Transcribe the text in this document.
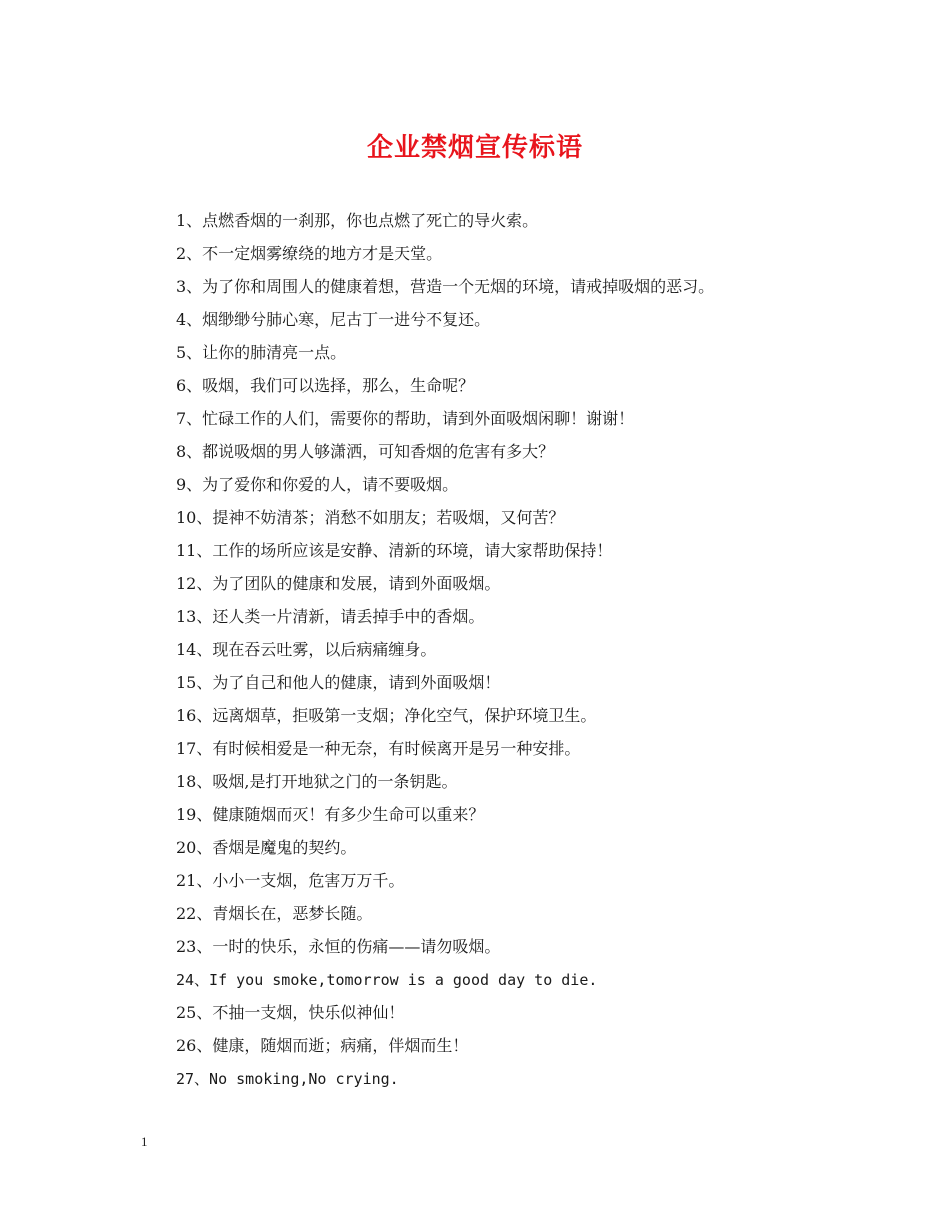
企业禁烟宣传标语
1、点燃香烟的一刹那，你也点燃了死亡的导火索。
2、不一定烟雾缭绕的地方才是天堂。
3、为了你和周围人的健康着想，营造一个无烟的环境，请戒掉吸烟的恶习。
4、烟缈缈兮肺心寒，尼古丁一进兮不复还。
5、让你的肺清亮一点。
6、吸烟，我们可以选择，那么，生命呢？
7、忙碌工作的人们，需要你的帮助，请到外面吸烟闲聊！谢谢！
8、都说吸烟的男人够潇洒，可知香烟的危害有多大？
9、为了爱你和你爱的人，请不要吸烟。
10、提神不妨清茶；消愁不如朋友；若吸烟，又何苦？
11、工作的场所应该是安静、清新的环境，请大家帮助保持！
12、为了团队的健康和发展，请到外面吸烟。
13、还人类一片清新，请丢掉手中的香烟。
14、现在吞云吐雾，以后病痛缠身。
15、为了自己和他人的健康，请到外面吸烟！
16、远离烟草，拒吸第一支烟；净化空气，保护环境卫生。
17、有时候相爱是一种无奈，有时候离开是另一种安排。
18、吸烟,是打开地狱之门的一条钥匙。
19、健康随烟而灭！有多少生命可以重来？
20、香烟是魔鬼的契约。
21、小小一支烟，危害万万千。
22、青烟长在，恶梦长随。
23、一时的快乐，永恒的伤痛——请勿吸烟。
24、If you smoke,tomorrow is a good day to die.
25、不抽一支烟，快乐似神仙！
26、健康，随烟而逝；病痛，伴烟而生！
27、No smoking,No crying.
1
